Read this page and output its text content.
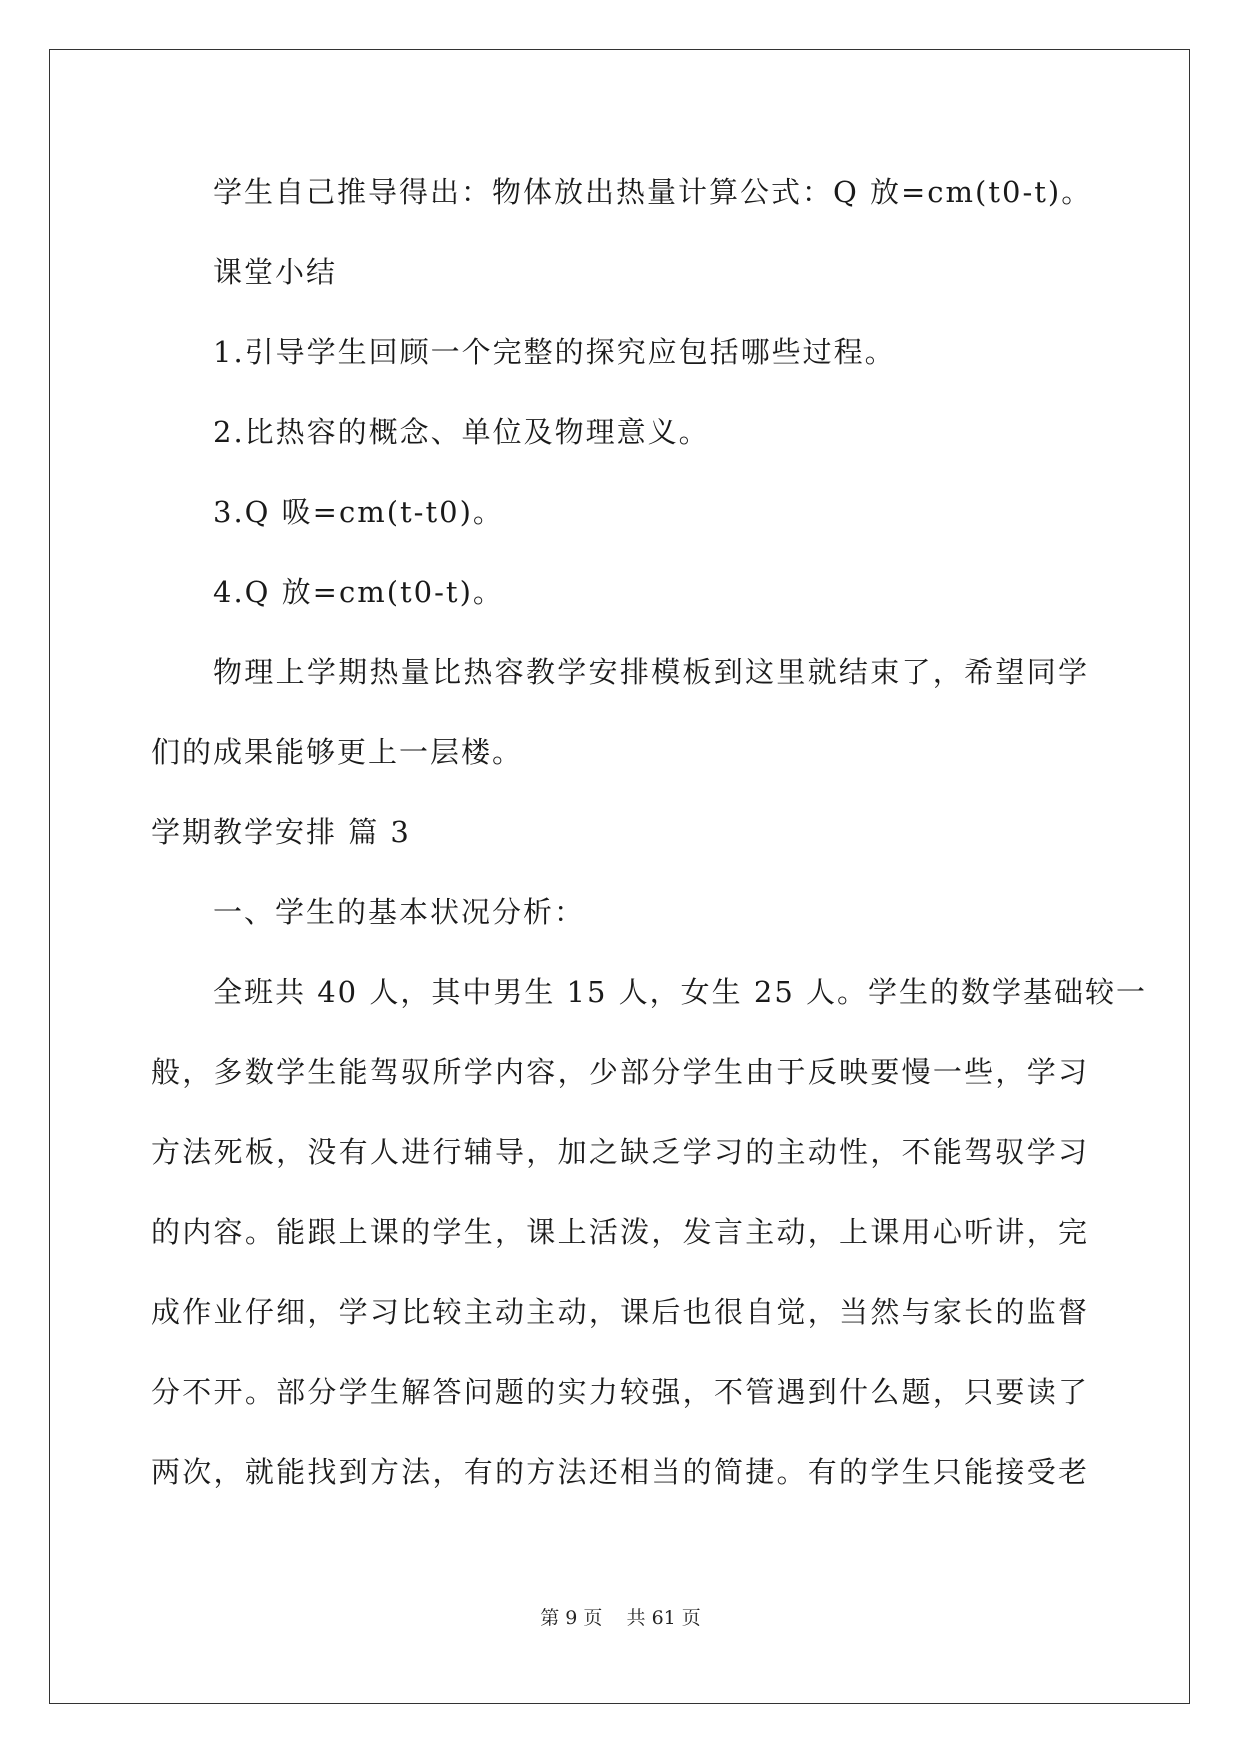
学生自己推导得出：物体放出热量计算公式：Q 放=cm(t0-t)。
课堂小结
1.引导学生回顾一个完整的探究应包括哪些过程。
2.比热容的概念、单位及物理意义。
3.Q 吸=cm(t-t0)。
4.Q 放=cm(t0-t)。
物理上学期热量比热容教学安排模板到这里就结束了，希望同学
们的成果能够更上一层楼。
学期教学安排 篇 3
一、学生的基本状况分析：
全班共 40 人，其中男生 15 人，女生 25 人。学生的数学基础较一
般，多数学生能驾驭所学内容，少部分学生由于反映要慢一些，学习
方法死板，没有人进行辅导，加之缺乏学习的主动性，不能驾驭学习
的内容。能跟上课的学生，课上活泼，发言主动，上课用心听讲，完
成作业仔细，学习比较主动主动，课后也很自觉，当然与家长的监督
分不开。部分学生解答问题的实力较强，不管遇到什么题，只要读了
两次，就能找到方法，有的方法还相当的简捷。有的学生只能接受老
第 9 页 共 61 页
